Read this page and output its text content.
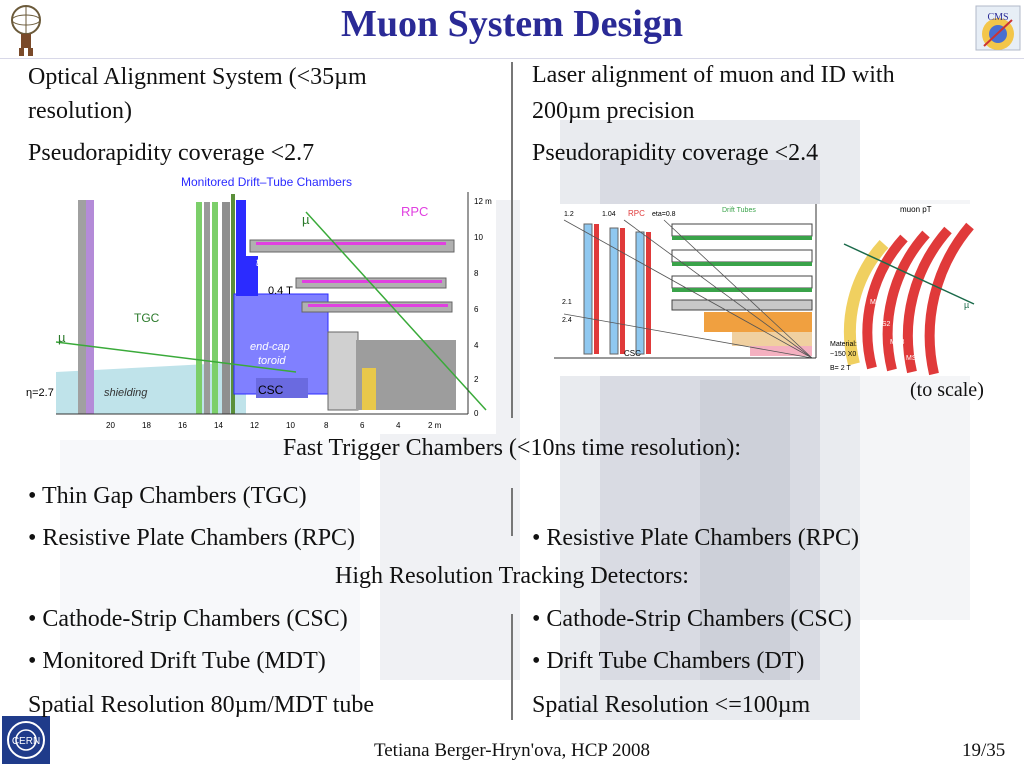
CMS
CERN
Muon System Design
Optical Alignment System (<35µm
resolution)
Pseudorapidity coverage <2.7
Laser alignment of muon and ID with
200µm precision
Pseudorapidity coverage <2.4
Monitored Drift–Tube Chambers
µ
RPC
toroid coil
0.4 T
TGC
µ
end-cap
toroid
η=2.7	shielding	CSC
12 m
10
8
6
4
2
0
20	18	16	14	12	10	8	6	4	2 m
1.2	1.04 RPC eta=0.8
Drift Tubes
2.1
2.4
CSC
muon pT
MS1
MS2
MS3
MS4
Material:
~150 X0
B= 2 T
µ
(to scale)
Fast Trigger Chambers (<10ns time resolution):
• Thin Gap Chambers (TGC)
• Resistive Plate Chambers (RPC)	• Resistive Plate Chambers (RPC)
High Resolution Tracking Detectors:
• Cathode-Strip Chambers (CSC)
• Monitored Drift Tube (MDT)
• Cathode-Strip Chambers (CSC)
• Drift Tube Chambers (DT)
Spatial Resolution 80µm/MDT tube	Spatial Resolution <=100µm
Tetiana Berger-Hryn'ova, HCP 2008	19/35
